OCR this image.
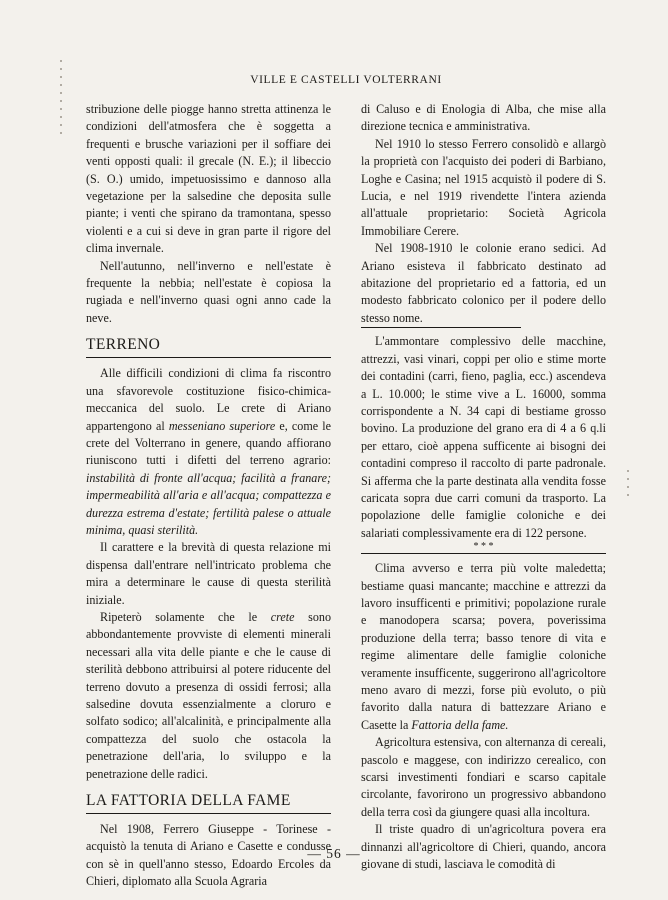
VILLE E CASTELLI VOLTERRANI

stribuzione delle piogge hanno stretta attinenza le condizioni dell'atmosfera che è soggetta a frequenti e brusche variazioni per il soffiare dei venti opposti quali: il grecale (N. E.); il libeccio (S. O.) umido, impetuosissimo e dannoso alla vegetazione per la salsedine che deposita sulle piante; i venti che spirano da tramontana, spesso violenti e a cui si deve in gran parte il rigore del clima invernale.

Nell'autunno, nell'inverno e nell'estate è frequente la nebbia; nell'estate è copiosa la rugiada e nell'inverno quasi ogni anno cade la neve.

TERRENO

Alle difficili condizioni di clima fa riscontro una sfavorevole costituzione fisico-chimica-meccanica del suolo. Le crete di Ariano appartengono al messeniano superiore e, come le crete del Volterrano in genere, quando affiorano riuniscono tutti i difetti del terreno agrario: instabilità di fronte all'acqua; facilità a franare; impermeabilità all'aria e all'acqua; compattezza e durezza estrema d'estate; fertilità palese o attuale minima, quasi sterilità.

Il carattere e la brevità di questa relazione mi dispensa dall'entrare nell'intricato problema che mira a determinare le cause di questa sterilità iniziale.

Ripeterò solamente che le crete sono abbondantemente provviste di elementi minerali necessari alla vita delle piante e che le cause di sterilità debbono attribuirsi al potere riducente del terreno dovuto a presenza di ossidi ferrosi; alla salsedine dovuta essenzialmente a cloruro e solfato sodico; all'alcalinità, e principalmente alla compattezza del suolo che ostacola la penetrazione dell'aria, lo sviluppo e la penetrazione delle radici.

LA FATTORIA DELLA FAME

Nel 1908, Ferrero Giuseppe - Torinese - acquistò la tenuta di Ariano e Casette e condusse con sè in quell'anno stesso, Edoardo Ercoles da Chieri, diplomato alla Scuola Agraria

di Caluso e di Enologia di Alba, che mise alla direzione tecnica e amministrativa.

Nel 1910 lo stesso Ferrero consolidò e allargò la proprietà con l'acquisto dei poderi di Barbiano, Loghe e Casina; nel 1915 acquistò il podere di S. Lucia, e nel 1919 rivendette l'intera azienda all'attuale proprietario: Società Agricola Immobiliare Cerere.

Nel 1908-1910 le colonie erano sedici. Ad Ariano esisteva il fabbricato destinato ad abitazione del proprietario ed a fattoria, ed un modesto fabbricato colonico per il podere dello stesso nome.

L'ammontare complessivo delle macchine, attrezzi, vasi vinari, coppi per olio e stime morte dei contadini (carri, fieno, paglia, ecc.) ascendeva a L. 10.000; le stime vive a L. 16000, somma corrispondente a N. 34 capi di bestiame grosso bovino. La produzione del grano era di 4 a 6 q.li per ettaro, cioè appena sufficente ai bisogni dei contadini compreso il raccolto di parte padronale. Si afferma che la parte destinata alla vendita fosse caricata sopra due carri comuni da trasporto. La popolazione delle famiglie coloniche e dei salariati complessivamente era di 122 persone.

* * *

Clima avverso e terra più volte maledetta; bestiame quasi mancante; macchine e attrezzi da lavoro insufficenti e primitivi; popolazione rurale e manodopera scarsa; povera, poverissima produzione della terra; basso tenore di vita e regime alimentare delle famiglie coloniche veramente insufficente, suggerirono all'agricoltore meno avaro di mezzi, forse più evoluto, o più favorito dalla natura di battezzare Ariano e Casette la Fattoria della fame.

Agricoltura estensiva, con alternanza di cereali, pascolo e maggese, con indirizzo cerealico, con scarsi investimenti fondiari e scarso capitale circolante, favorirono un progressivo abbandono della terra così da giungere quasi alla incoltura.

Il triste quadro di un'agricoltura povera era dinnanzi all'agricoltore di Chieri, quando, ancora giovane di studi, lasciava le comodità di

— 56 —
